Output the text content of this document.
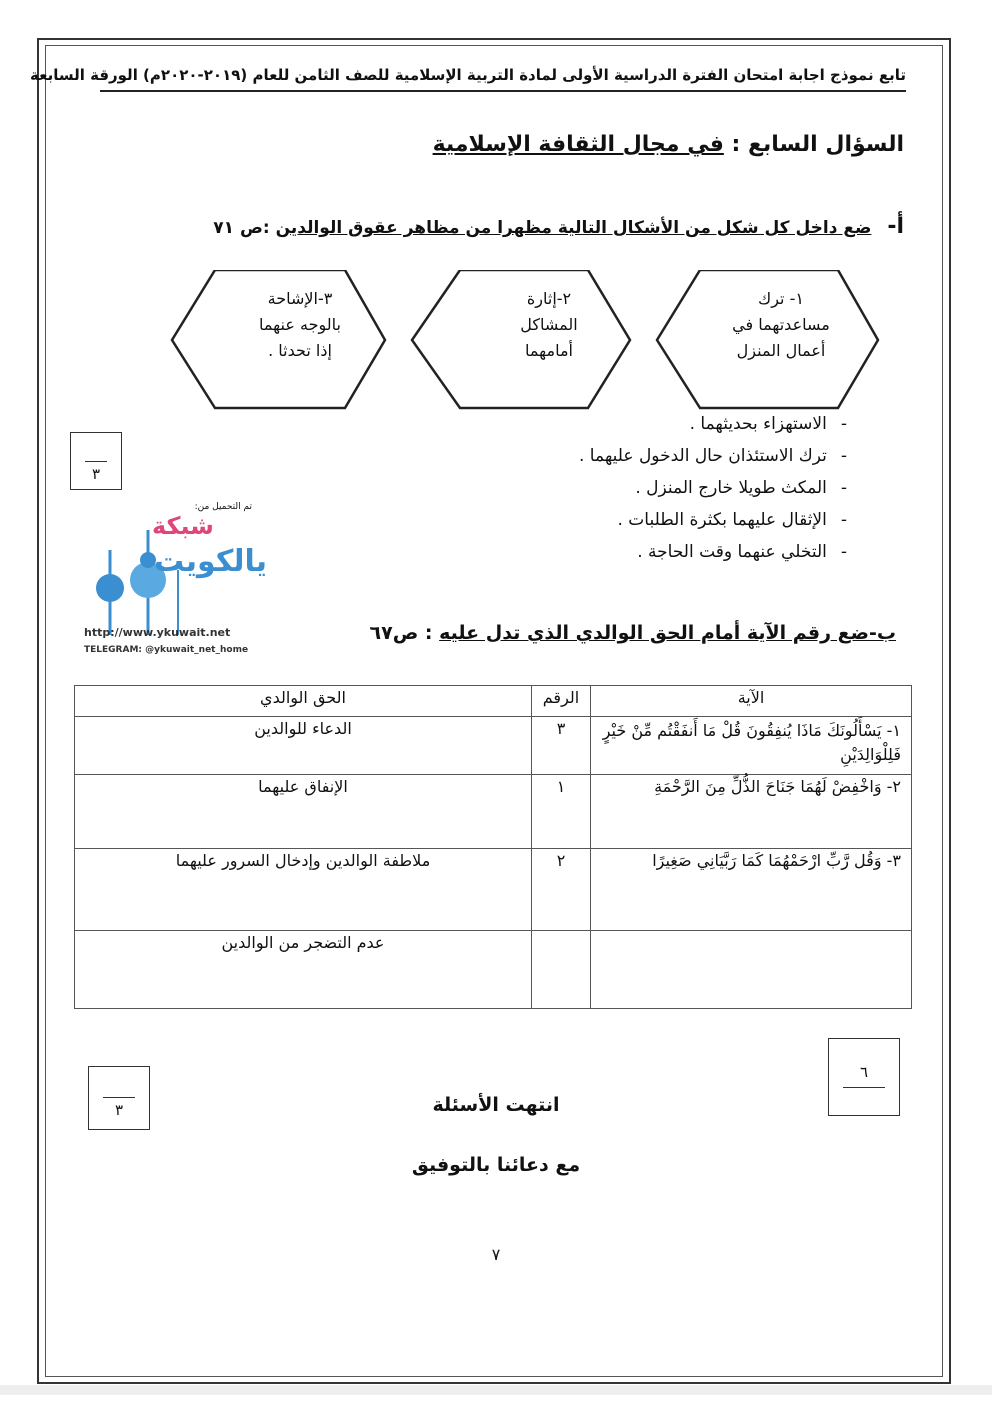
تابع نموذج اجابة امتحان الفترة الدراسية الأولى لمادة التربية الإسلامية للصف الثامن للعام (٢٠١٩-٢٠٢٠م) الورقة السابعة
السؤال السابع : في مجال الثقافة الإسلامية
أ- ضع داخل كل شكل من الأشكال التالية مظهرا من مظاهر عقوق الوالدين :ص ٧١
٣-الإشاحة
بالوجه عنهما
إذا تحدثا .
٢-إثارة
المشاكل
أمامهما
١- ترك
مساعدتهما في
أعمال المنزل
- الاستهزاء بحديثهما .
- ترك الاستئذان حال الدخول عليهما .
- المكث طويلا خارج المنزل .
- الإثقال عليهما بكثرة الطلبات .
- التخلي عنهما وقت الحاجة .
٣
تم التحميل من:
شبكة
يالكويت
http://www.ykuwait.net
TELEGRAM: @ykuwait_net_home
ب-ضع رقم الآية أمام الحق الوالدي الذي تدل عليه : ص٦٧
الآية	الرقم	الحق الوالدي
١- يَسْأَلُونَكَ مَاذَا يُنفِقُونَ قُلْ مَا أَنفَقْتُم مِّنْ خَيْرٍ فَلِلْوَالِدَيْنِ	٣	الدعاء للوالدين
٢- وَاخْفِضْ لَهُمَا جَنَاحَ الذُّلِّ مِنَ الرَّحْمَةِ	١	الإنفاق عليهما
٣- وَقُل رَّبِّ ارْحَمْهُمَا كَمَا رَبَّيَانِي صَغِيرًا	٢	ملاطفة الوالدين وإدخال السرور عليهما
		عدم التضجر من الوالدين
٦
٣	انتهت الأسئلة
مع دعائنا بالتوفيق
٧
